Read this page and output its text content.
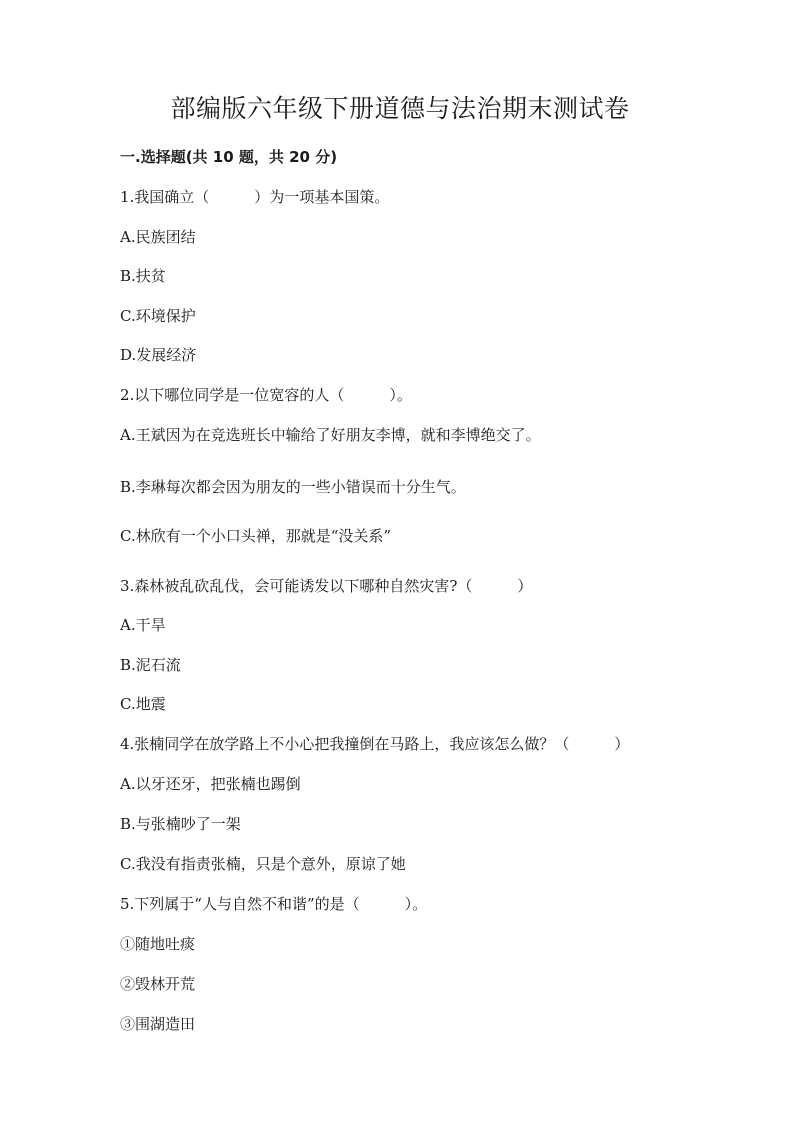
部编版六年级下册道德与法治期末测试卷

一.选择题(共 10 题，共 20 分)

1.我国确立（　　　）为一项基本国策。

A.民族团结

B.扶贫

C.环境保护

D.发展经济

2.以下哪位同学是一位宽容的人（　　　）。

A.王斌因为在竞选班长中输给了好朋友李博，就和李博绝交了。

B.李琳每次都会因为朋友的一些小错误而十分生气。

C.林欣有一个小口头禅，那就是“没关系”

3.森林被乱砍乱伐，会可能诱发以下哪种自然灾害?（　　　）

A.干旱

B.泥石流

C.地震

4.张楠同学在放学路上不小心把我撞倒在马路上，我应该怎么做？（　　　）

A.以牙还牙，把张楠也踢倒

B.与张楠吵了一架

C.我没有指责张楠，只是个意外，原谅了她

5.下列属于“人与自然不和谐”的是（　　　）。

①随地吐痰

②毁林开荒

③围湖造田
